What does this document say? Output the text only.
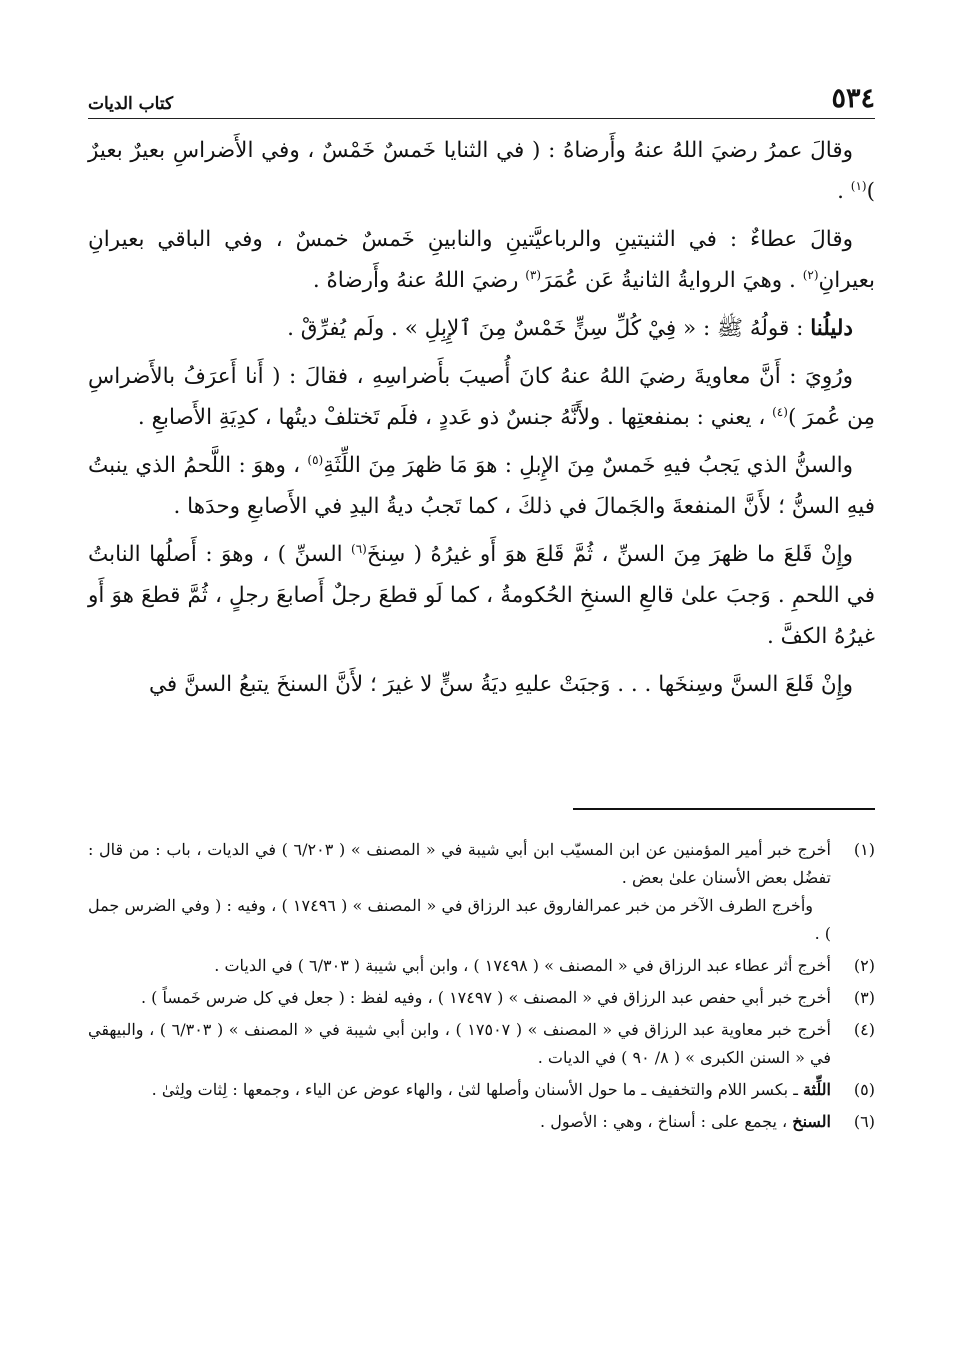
٥٣٤
كتاب الديات

وقالَ عمرُ رضيَ اللهُ عنهُ وأَرضاهُ : ( في الثنايا خَمسٌ خَمْسٌ ، وفي الأَضراسِ بعيرٌ بعيرٌ )$^{(١)}$ .

وقالَ عطاءٌ : في الثنيتينِ والرباعيَّتينِ والنابينِ خَمسٌ خمسٌ ، وفي الباقي بعيرانِ بعيرانِ$^{(٢)}$ . وهيَ الروايةُ الثانيةُ عَن عُمَرَ$^{(٣)}$ رضيَ اللهُ عنهُ وأَرضاهُ .

دليلُنا : قولُهُ ﷺ : « فِيْ كُلِّ سِنٍّ خَمْسٌ مِنَ ٱلإِبِلِ » . ولَم يُفرِّقْ .

ورُوِيَ : أَنَّ معاويةَ رضيَ اللهُ عنهُ كانَ أُصيبَ بأَضراسِهِ ، فقالَ : ( أَنا أَعرَفُ بالأَضراسِ مِن عُمرَ )$^{(٤)}$ ، يعني : بمنفعتِها . ولأَنَّهُ جنسٌ ذو عَددٍ ، فلَم تَختلفْ ديتُها ، كدِيَةِ الأَصابعِ .

والسنُّ الذي يَجبُ فيهِ خَمسٌ مِنَ الإِبلِ : هوَ مَا ظهرَ مِنَ اللِّثَةِ$^{(٥)}$ ، وهوَ : اللَّحمُ الذي ينبتُ فيهِ السنُّ ؛ لأَنَّ المنفعةَ والجَمالَ في ذلكَ ، كما تَجبُ ديةُ اليدِ في الأَصابعِ وحدَها .

وإِنْ قَلعَ ما ظهرَ مِنَ السنِّ ، ثُمَّ قَلعَ هوَ أَو غيرُهُ ( سِنخَ$^{(٦)}$ السنِّ ) ، وهوَ : أَصلُها النابتُ في اللحمِ . وَجبَ علىٰ قالعِ السنخِ الحُكومةُ ، كما لَو قطعَ رجلٌ أَصابعَ رجلٍ ، ثُمَّ قطعَ هوَ أَو غيرُهُ الكفَّ .

وإِنْ قَلعَ السنَّ وسِنخَها . . . وَجبَتْ عليهِ ديَةُ سنٍّ لا غيرَ ؛ لأَنَّ السنخَ يتبعُ السنَّ في

(١)
أخرج خبر أمير المؤمنين عن ابن المسيّب ابن أبي شيبة في « المصنف » ( ٦/٢٠٣ ) في الديات ، باب : من قال : تفضُل بعض الأسنان علىٰ بعض .
وأخرج الطرف الآخر من خبر عمرالفاروق عبد الرزاق في « المصنف » ( ١٧٤٩٦ ) ، وفيه : ( وفي الضرس جمل ) .
(٢)
أخرج أثر عطاء عبد الرزاق في « المصنف » ( ١٧٤٩٨ ) ، وابن أبي شيبة ( ٦/٣٠٣ ) في الديات .
(٣)
أخرج خبر أبي حفص عبد الرزاق في « المصنف » ( ١٧٤٩٧ ) ، وفيه لفظ : ( جعل في كل ضرس خَمساً ) .
(٤)
أخرج خبر معاوية عبد الرزاق في « المصنف » ( ١٧٥٠٧ ) ، وابن أبي شيبة في « المصنف » ( ٦/٣٠٣ ) ، والبيهقي في « السنن الكبرى » ( ٨/ ٩٠ ) في الديات .
(٥)
اللِّثة ـ بكسر اللام والتخفيف ـ ما حول الأسنان وأصلها لثىٰ ، والهاء عوض عن الياء ، وجمعها : لِثات ولِثىٰ .
(٦)
السنخ ، يجمع على : أسناخ ، وهي : الأصول .
